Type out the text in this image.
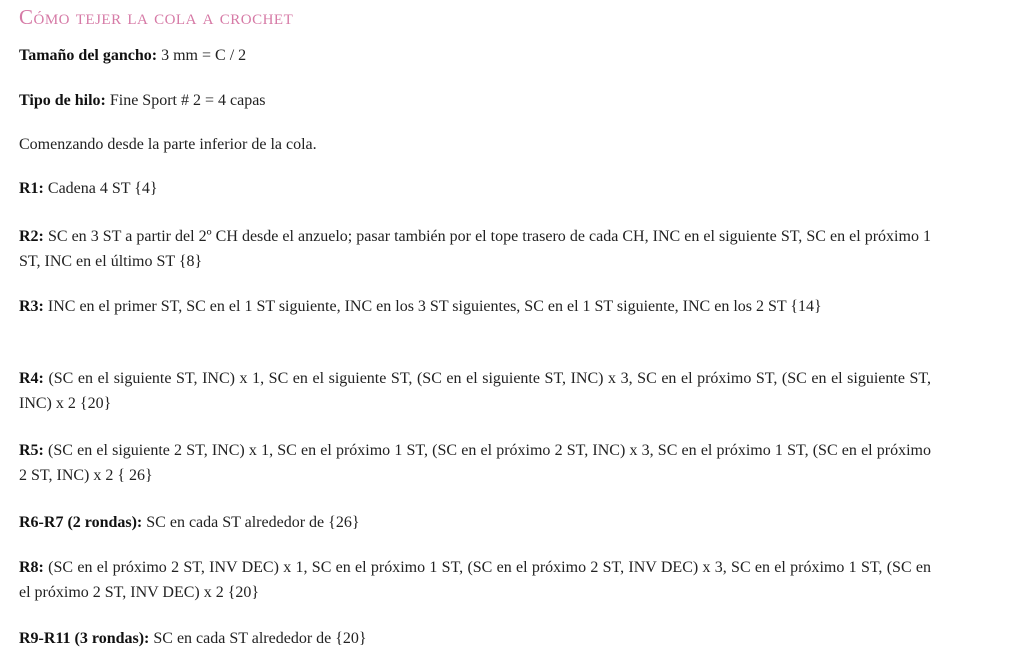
Cómo tejer la cola a crochet

Tamaño del gancho: 3 mm = C / 2

Tipo de hilo: Fine Sport # 2 = 4 capas

Comenzando desde la parte inferior de la cola.

R1: Cadena 4 ST {4}

R2: SC en 3 ST a partir del 2º CH desde el anzuelo; pasar también por el tope trasero de cada CH, INC en el siguiente ST, SC en el próximo 1 ST, INC en el último ST {8}

R3: INC en el primer ST, SC en el 1 ST siguiente, INC en los 3 ST siguientes, SC en el 1 ST siguiente, INC en los 2 ST {14}

R4: (SC en el siguiente ST, INC) x 1, SC en el siguiente ST, (SC en el siguiente ST, INC) x 3, SC en el próximo ST, (SC en el siguiente ST, INC) x 2 {20}

R5: (SC en el siguiente 2 ST, INC) x 1, SC en el próximo 1 ST, (SC en el próximo 2 ST, INC) x 3, SC en el próximo 1 ST, (SC en el próximo 2 ST, INC) x 2 { 26}

R6-R7 (2 rondas): SC en cada ST alrededor de {26}

R8: (SC en el próximo 2 ST, INV DEC) x 1, SC en el próximo 1 ST, (SC en el próximo 2 ST, INV DEC) x 3, SC en el próximo 1 ST, (SC en el próximo 2 ST, INV DEC) x 2 {20}

R9-R11 (3 rondas): SC en cada ST alrededor de {20}
